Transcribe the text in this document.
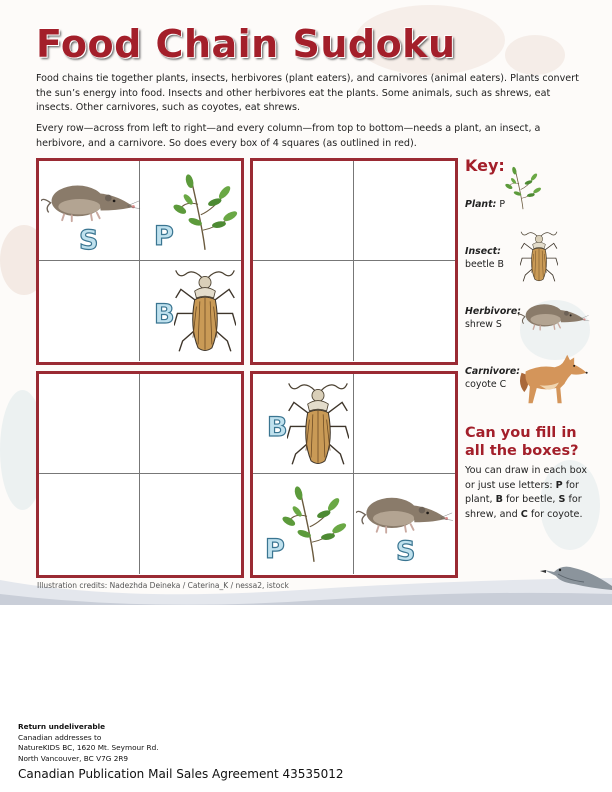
Food Chain Sudoku

Food chains tie together plants, insects, herbivores (plant eaters), and carnivores (animal eaters). Plants convert the sun’s energy into food. Insects and other herbivores eat the plants. Some animals, such as shrews, eat insects. Other carnivores, such as coyotes, eat shrews.

Every row—across from left to right—and every column—from top to bottom—needs a plant, an insect, a herbivore, and a carnivore. So does every box of 4 squares (as outlined in red).

S P
B
B
P	S
Key:
Plant: P
Insect:
beetle B
Herbivore:
shrew S
Carnivore:
coyote C
Can you fill in
all the boxes?
You can draw in each box or just use letters: P for plant, B for beetle, S for shrew, and C for coyote.
Illustration credits: Nadezhda Deineka / Caterina_K / nessa2, istock
Return undeliverable
Canadian addresses to
NatureKIDS BC, 1620 Mt. Seymour Rd.
North Vancouver, BC V7G 2R9
Canadian Publication Mail Sales Agreement 43535012
